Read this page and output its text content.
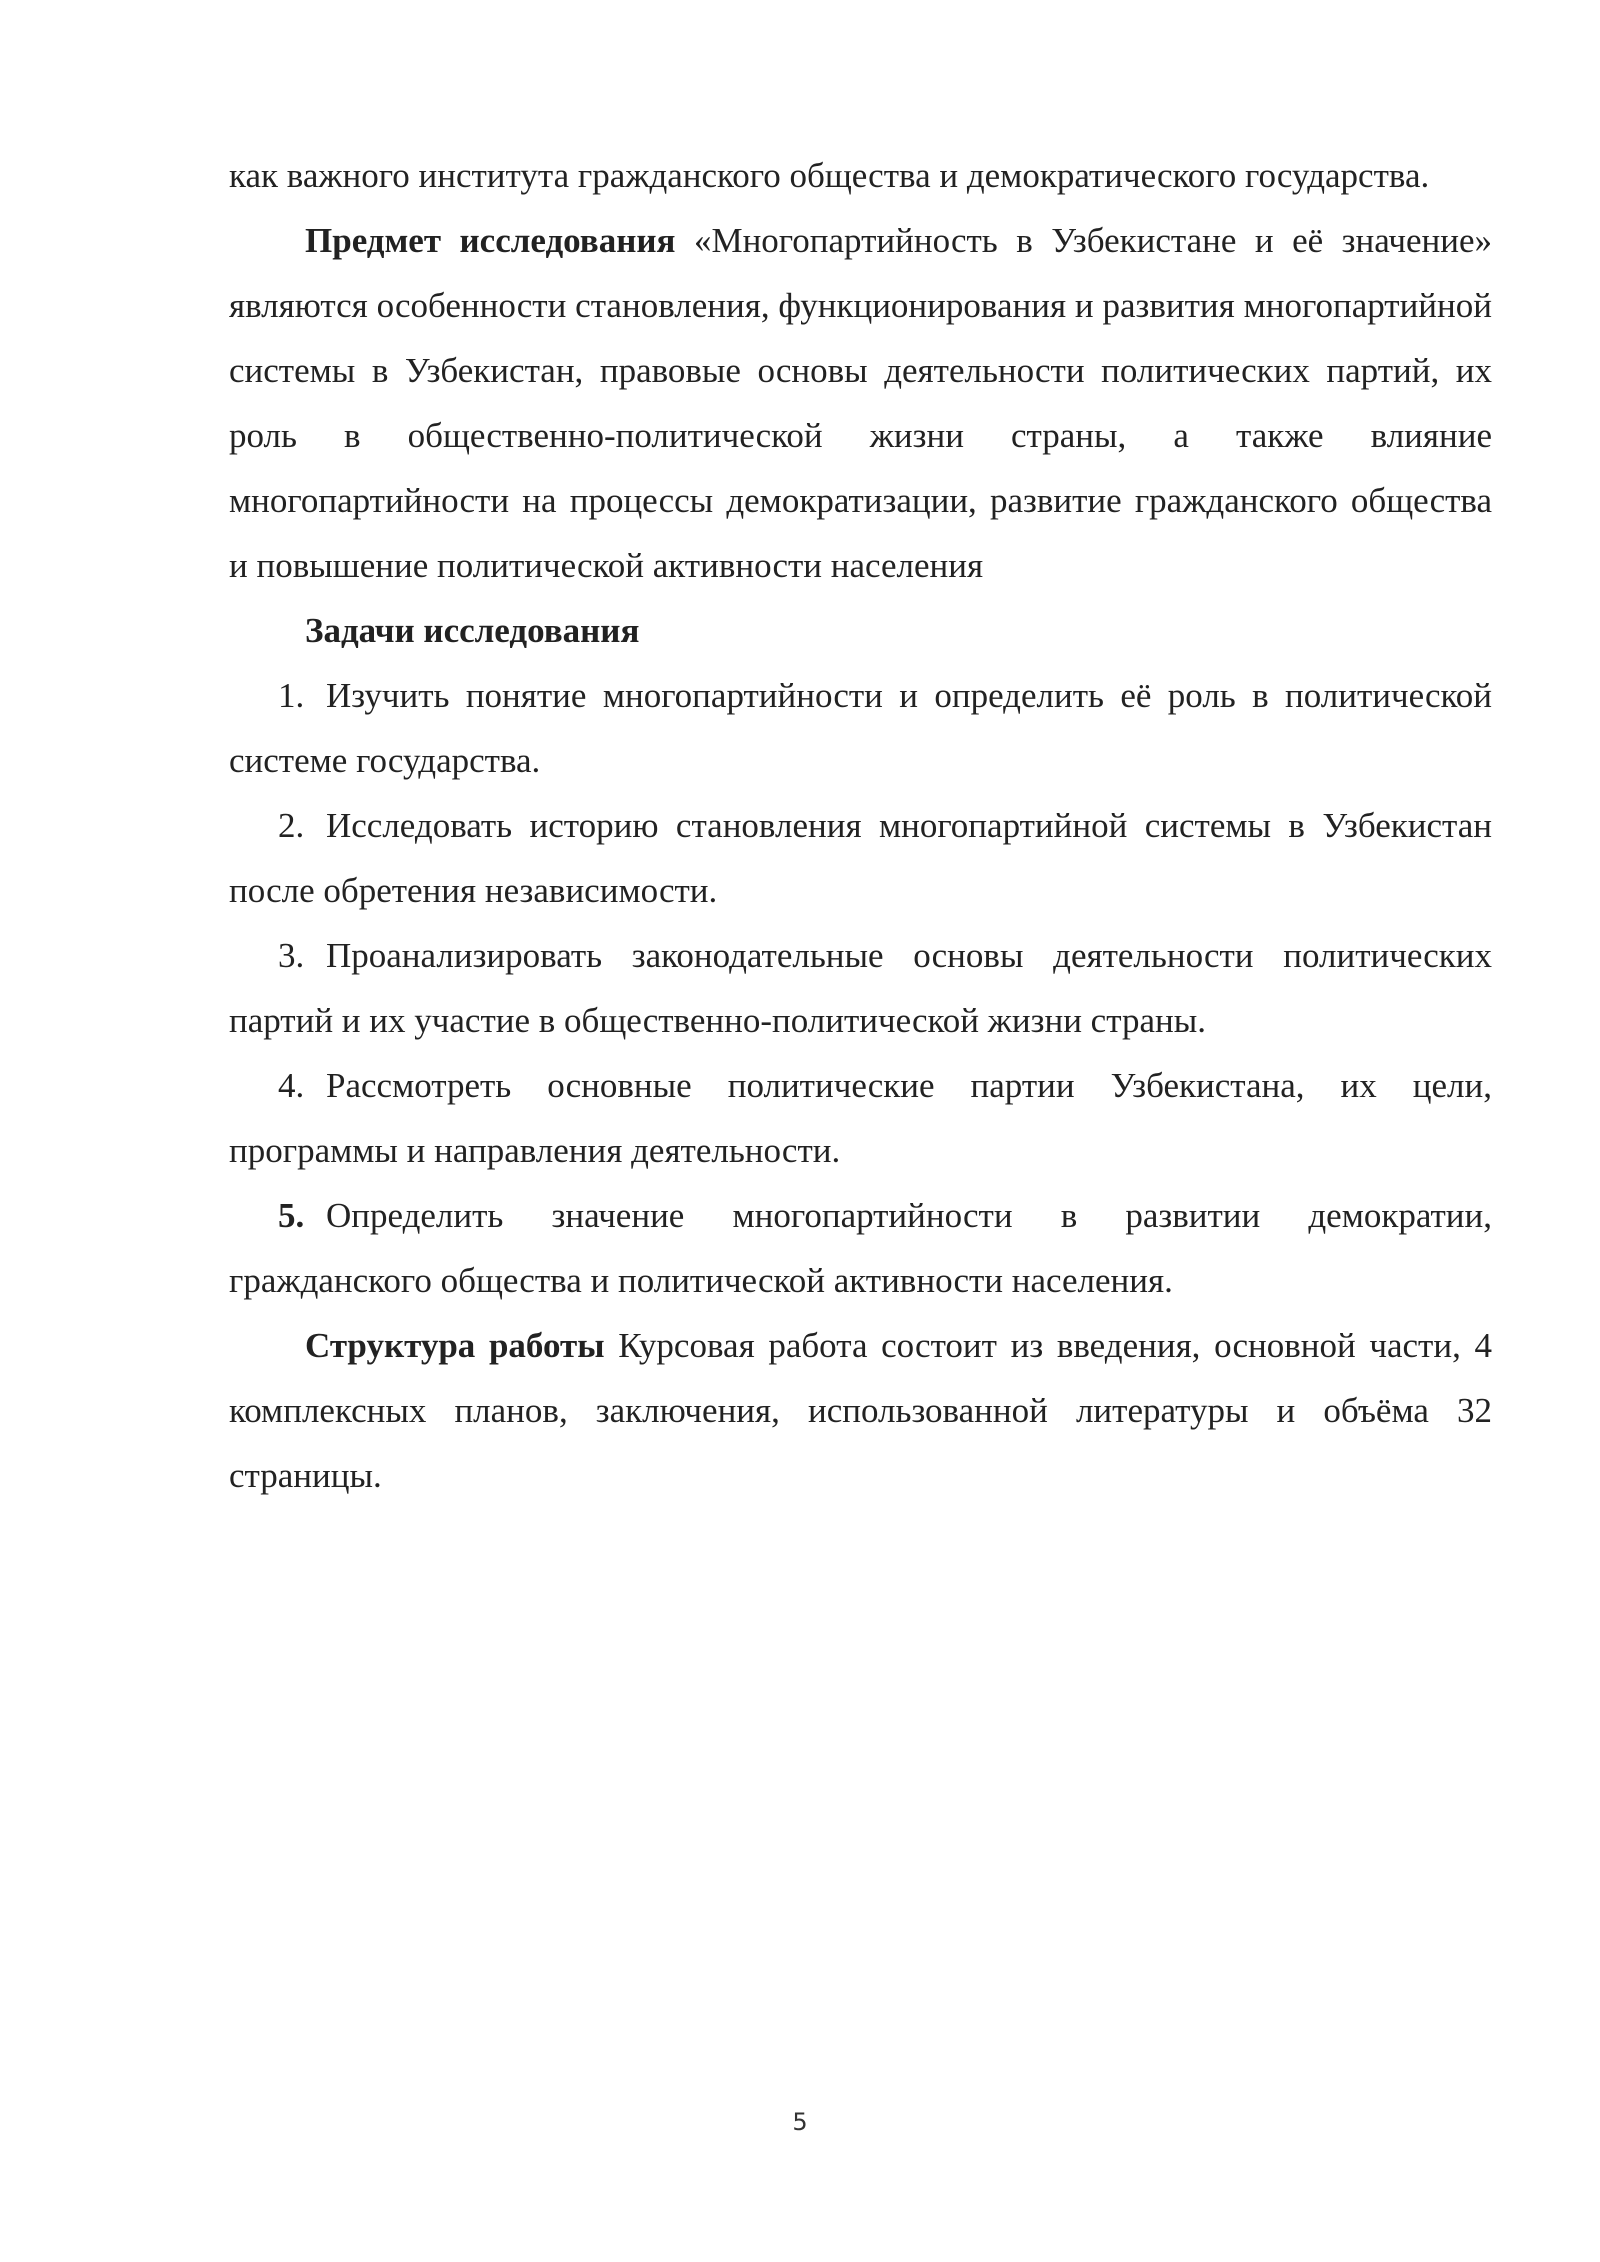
как важного института гражданского общества и демократического государства.

Предмет исследования «Многопартийность в Узбекистане и её значение» являются особенности становления, функционирования и развития многопартийной системы в Узбекистан, правовые основы деятельности политических партий, их роль в общественно-политической жизни страны, а также влияние многопартийности на процессы демократизации, развитие гражданского общества и повышение политической активности населения

Задачи исследования

1. Изучить понятие многопартийности и определить её роль в политической системе государства.

2. Исследовать историю становления многопартийной системы в Узбекистан после обретения независимости.

3. Проанализировать законодательные основы деятельности политических партий и их участие в общественно-политической жизни страны.

4. Рассмотреть основные политические партии Узбекистана, их цели, программы и направления деятельности.

5. Определить значение многопартийности в развитии демократии, гражданского общества и политической активности населения.

Структура работы Курсовая работа состоит из введения, основной части, 4 комплексных планов, заключения, использованной литературы и объёма 32 страницы.

5
